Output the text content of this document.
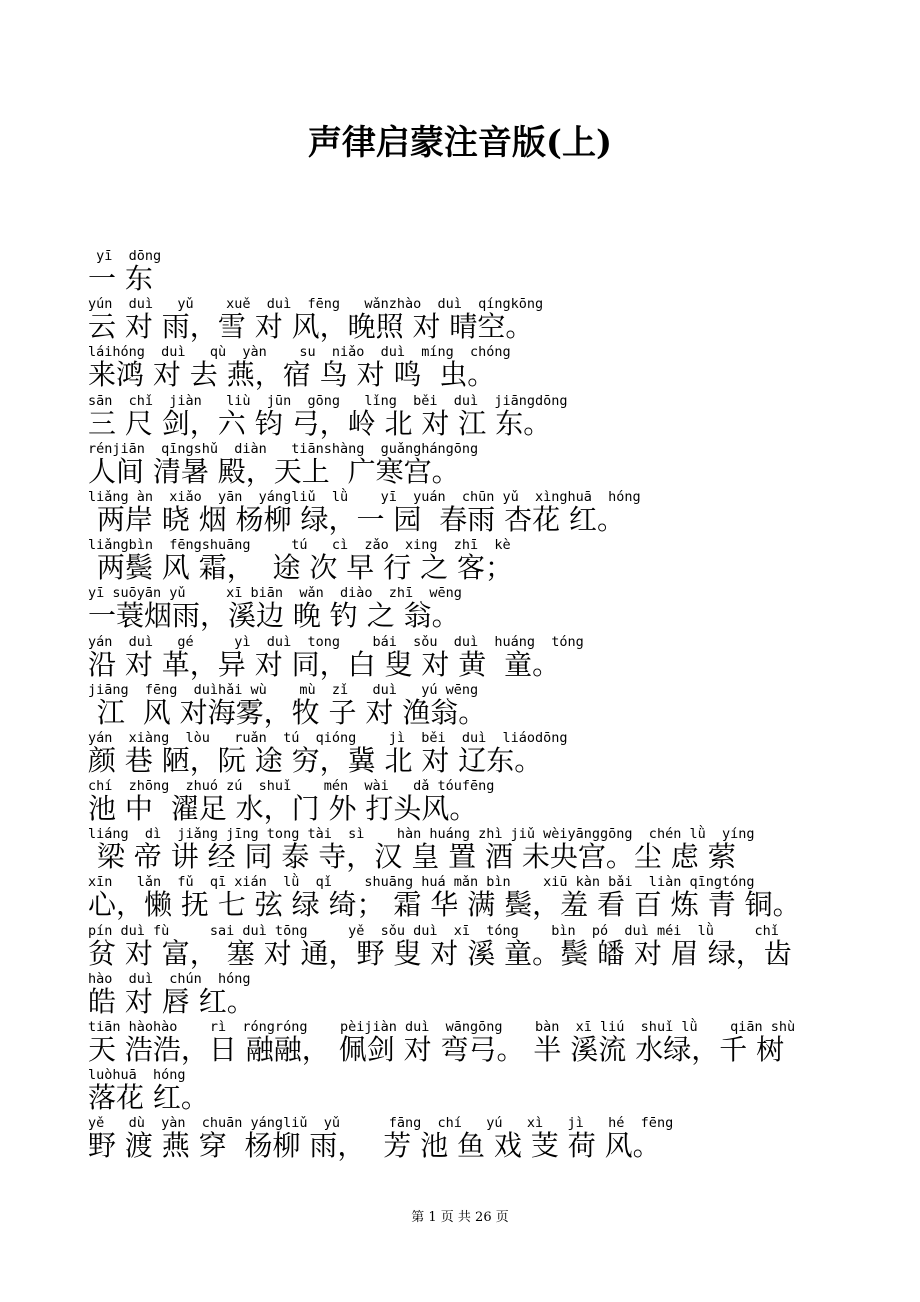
声律启蒙注音版(上)
yī  dōng
一 东
yún  duì   yǔ    xuě  duì  fēng   wǎnzhào  duì  qíngkōng
云 对 雨，雪 对 风，晚照 对 晴空。
láihóng  duì   qù  yàn    su  niǎo  duì  míng  chóng
来鸿 对 去 燕，宿 鸟 对 鸣  虫。
sān  chǐ  jiàn   liù  jūn  gōng   lǐng  běi  duì  jiāngdōng
三 尺 剑，六 钧 弓，岭 北 对 江 东。
rénjiān  qīngshǔ  diàn   tiānshàng  guǎnghángōng
人间 清暑 殿，天上  广寒宫。
liǎng àn  xiǎo  yān  yángliǔ  lǜ    yī  yuán  chūn yǔ  xìnghuā  hóng
两岸 晓 烟 杨柳 绿，一 园  春雨 杏花 红。
liǎngbìn  fēngshuāng     tú   cì  zǎo  xing  zhī  kè
两鬓 风 霜，  途 次 早 行 之 客；
yī suōyān yǔ     xī biān  wǎn  diào  zhī  wēng
一蓑烟雨，溪边 晚 钓 之 翁。
yán  duì   gé     yì  duì  tong    bái  sǒu  duì  huáng  tóng
沿 对 革，异 对 同，白 叟 对 黄  童。
jiāng  fēng  duìhǎi wù    mù  zǐ   duì   yú wēng
江  风 对海雾，牧 子 对 渔翁。
yán  xiàng  lòu   ruǎn  tú  qióng    jì  běi  duì  liáodōng
颜 巷 陋，阮 途 穷，冀 北 对 辽东。
chí  zhōng  zhuó zú  shuǐ    mén  wài   dǎ tóufēng
池 中  濯足 水，门 外 打头风。
liáng  dì  jiǎng jīng tong tài  sì    hàn huáng zhì jiǔ wèiyānggōng  chén lǜ  yíng
梁 帝 讲 经 同 泰 寺，汉 皇 置 酒 未央宫。尘 虑 萦
xīn   lǎn  fǔ  qī xián  lǜ  qǐ    shuāng huá mǎn bìn    xiū kàn bǎi  liàn qīngtóng
心，懒 抚 七 弦 绿 绮； 霜 华 满 鬓，羞 看 百 炼 青 铜。
pín duì fù     sai duì tōng     yě  sǒu duì  xī  tóng    bìn  pó  duì méi  lǜ     chǐ
贫 对 富， 塞 对 通，野 叟 对 溪 童。鬓 皤 对 眉 绿，齿
hào  duì  chún  hóng
皓 对 唇 红。
tiān hàohào    rì  róngróng    pèijiàn duì  wāngōng    bàn  xī liú  shuǐ lǜ    qiān shù
天 浩浩，日 融融， 佩剑 对 弯弓。 半 溪流 水绿，千 树
luòhuā  hóng
落花 红。
yě   dù  yàn  chuān yángliǔ  yǔ      fāng  chí   yú   xì   jì   hé  fēng
野 渡 燕 穿  杨柳 雨，  芳 池 鱼 戏 芰 荷 风。
第 1 页 共 26 页
